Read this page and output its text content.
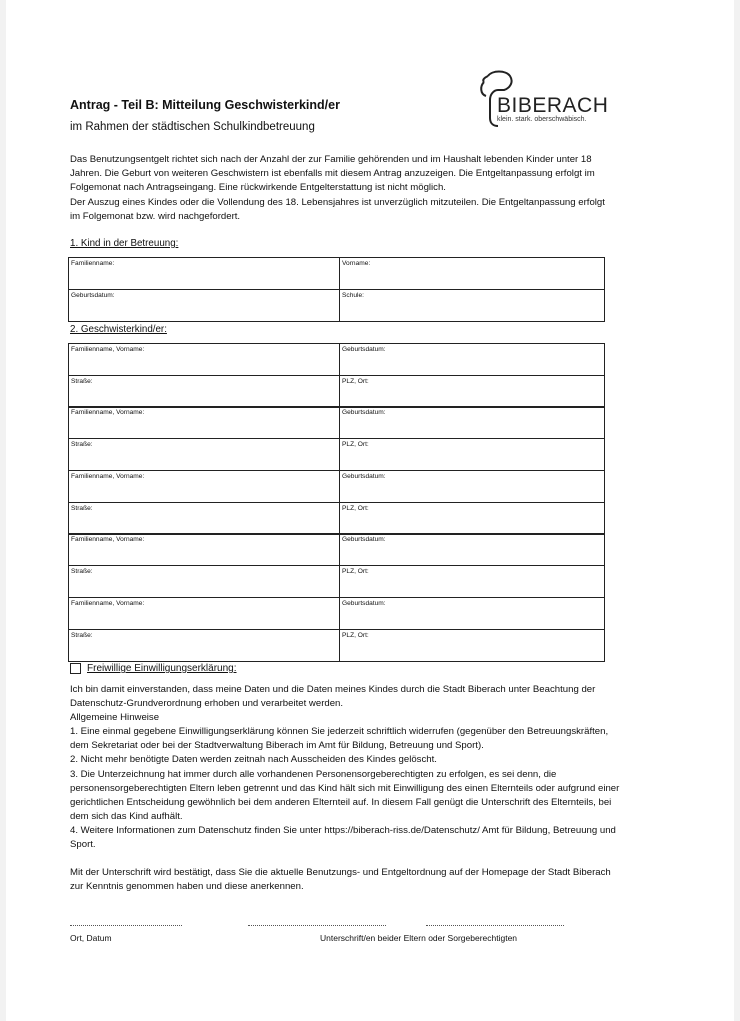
BIBERACH
klein. stark. oberschwäbisch.
Antrag - Teil B: Mitteilung Geschwisterkind/er
im Rahmen der städtischen Schulkindbetreuung

Das Benutzungsentgelt richtet sich nach der Anzahl der zur Familie gehörenden und im Haushalt lebenden Kinder unter 18 Jahren. Die Geburt von weiteren Geschwistern ist ebenfalls mit diesem Antrag anzuzeigen. Die Entgeltanpassung erfolgt im Folgemonat nach Antragseingang. Eine rückwirkende Entgelterstattung ist nicht möglich.

Der Auszug eines Kindes oder die Vollendung des 18. Lebensjahres ist unverzüglich mitzuteilen. Die Entgeltanpassung erfolgt im Folgemonat bzw. wird nachgefordert.

1. Kind in der Betreuung:
Familienname:	Vorname:
Geburtsdatum:	Schule:
2. Geschwisterkind/er:
Familienname, Vorname:	Geburtsdatum:
Straße:	PLZ, Ort:
Familienname, Vorname:	Geburtsdatum:
Straße:	PLZ, Ort:
Familienname, Vorname:	Geburtsdatum:
Straße:	PLZ, Ort:
Familienname, Vorname:	Geburtsdatum:
Straße:	PLZ, Ort:
Familienname, Vorname:	Geburtsdatum:
Straße:	PLZ, Ort:
Freiwillige Einwilligungserklärung:

Ich bin damit einverstanden, dass meine Daten und die Daten meines Kindes durch die Stadt Biberach unter Beachtung der Datenschutz-Grundverordnung erhoben und verarbeitet werden.

Allgemeine Hinweise

1. Eine einmal gegebene Einwilligungserklärung können Sie jederzeit schriftlich widerrufen (gegenüber den Betreuungskräften, dem Sekretariat oder bei der Stadtverwaltung Biberach im Amt für Bildung, Betreuung und Sport).

2. Nicht mehr benötigte Daten werden zeitnah nach Ausscheiden des Kindes gelöscht.

3. Die Unterzeichnung hat immer durch alle vorhandenen Personensorgeberechtigten zu erfolgen, es sei denn, die personensorgeberechtigten Eltern leben getrennt und das Kind hält sich mit Einwilligung des einen Elternteils oder aufgrund einer gerichtlichen Entscheidung gewöhnlich bei dem anderen Elternteil auf. In diesem Fall genügt die Unterschrift des Elternteils, bei dem sich das Kind aufhält.

4. Weitere Informationen zum Datenschutz finden Sie unter https://biberach-riss.de/Datenschutz/ Amt für Bildung, Betreuung und Sport.

Mit der Unterschrift wird bestätigt, dass Sie die aktuelle Benutzungs- und Entgeltordnung auf der Homepage der Stadt Biberach zur Kenntnis genommen haben und diese anerkennen.

Ort, Datum	Unterschrift/en beider Eltern oder Sorgeberechtigten
